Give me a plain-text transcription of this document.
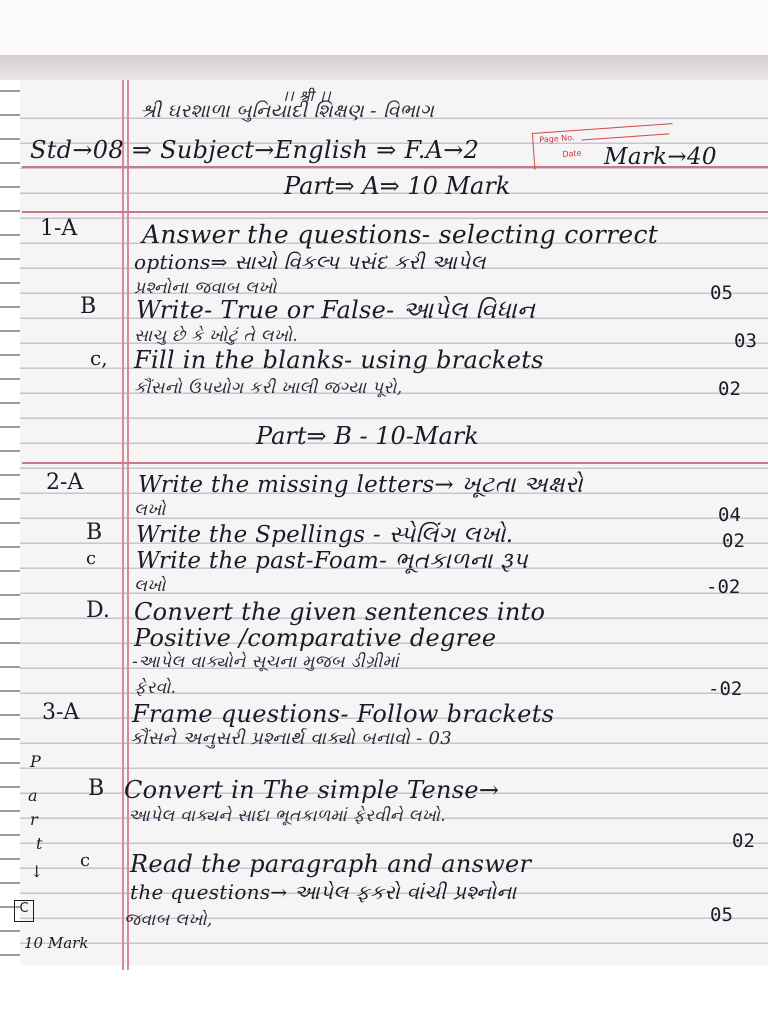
।। श्री ।।
શ્રી ઘરશાળા બુનિયાદી શિક્ષણ - વિભાગ
Std→08 ⇒ Subject→English ⇒ F.A→2	Mark→40
Page No.
Date
Part⇒ A⇒ 10 Mark
1-A	Answer the questions- selecting correct
options⇒ સાચો વિકલ્પ પસંદ કરી આપેલ
પ્રશ્નોના જવાબ લખો	05
B Write- True or False- આપેલ વિધાન
સાચુ છે કે ખોટું તે લખો.	03
c, Fill in the blanks- using brackets
કૌંસનો ઉપયોગ કરી ખાલી જગ્યા પૂરો,	02
Part⇒ B - 10-Mark
2-A Write the missing letters→ ખૂટતા અક્ષરો
લખો	04
B Write the Spellings - સ્પેલિંગ લખો.	02
c Write the past-Foam- ભૂતકાળના રૂપ
લખો	-02
D. Convert the given sentences into
Positive /comparative degree
-આપેલ વાક્યોને સૂચના મુજબ ડીગ્રીમાં
ફેરવો.	-02
3-A Frame questions- Follow brackets
કૌંસને અનુસરી પ્રશ્નાર્થ વાક્યો બનાવો - 03
B Convert in The simple Tense→
આપેલ વાક્યને સાદા ભૂતકાળમાં ફેરવીને લખો.
02
c Read the paragraph and answer
the questions→ આપેલ ફકરો વાંચી પ્રશ્નોના
જવાબ લખો,	05
P
a
r
t
↓
C
10 Mark
